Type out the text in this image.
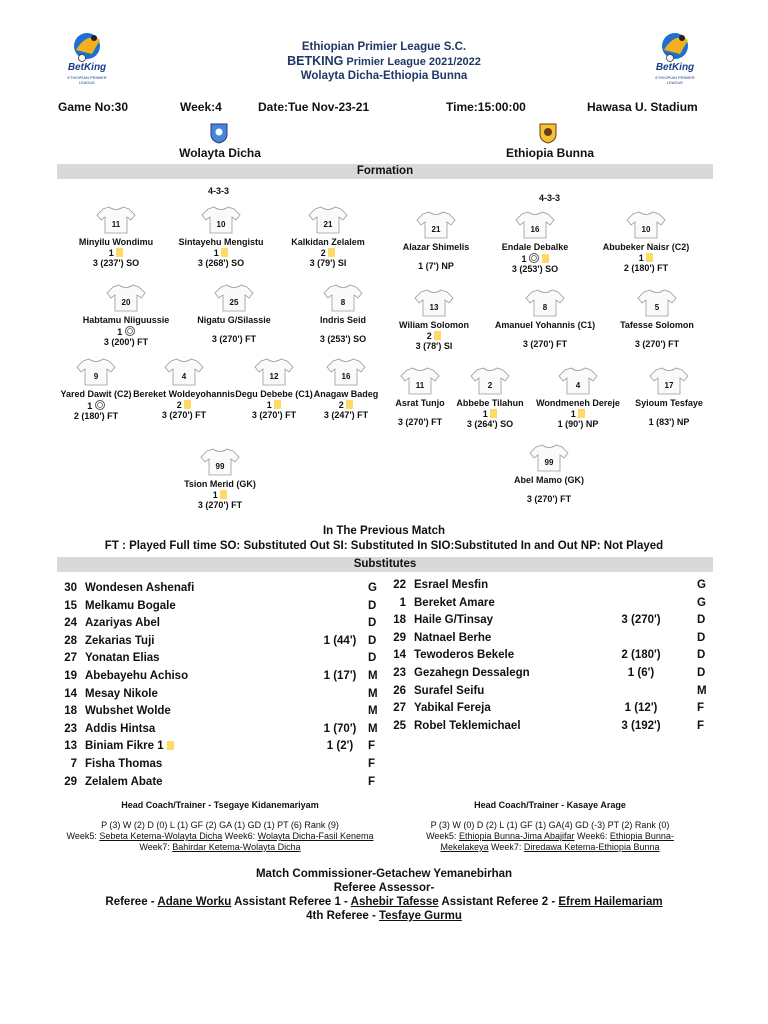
BetKing
ETHIOPIAN PRIMIER LEAGUE
BetKing
ETHIOPIAN PRIMIER LEAGUE
Ethiopian Primier League S.C.
BETKING Primier League 2021/2022
Wolayta Dicha-Ethiopia Bunna
Game No:30	Week:4	Date:Tue Nov-23-21	Time:15:00:00	Hawasa U. Stadium
Wolayta Dicha	Ethiopia Bunna
Formation
4-3-3
4-3-3
11
Minyilu Wondimu
1
3 (237') SO
10
Sintayehu Mengistu
1
3 (268') SO
21
Kalkidan Zelalem
2
3 (79') SI
20
Habtamu Niiguussie
1
3 (200') FT
25
Nigatu G/Silassie
3 (270') FT
8
Indris Seid
3 (253') SO
9
Yared Dawit (C2)
1
2 (180') FT
4
Bereket Woldeyohannis
2
3 (270') FT
12
Degu Debebe (C1)
1
3 (270') FT
16
Anagaw Badeg
2
3 (247') FT
99
Tsion Merid (GK)
1
3 (270') FT
21
Alazar Shimelis
1 (7') NP
16
Endale Debalke
1
3 (253') SO
10
Abubeker Naisr (C2)
1
2 (180') FT
13
Wiliam Solomon
2
3 (78') SI
8
Amanuel Yohannis (C1)
3 (270') FT
5
Tafesse Solomon
3 (270') FT
11
Asrat Tunjo
3 (270') FT
2
Abbebe Tilahun
1
3 (264') SO
4
Wondmeneh Dereje
1
1 (90') NP
17
Syioum Tesfaye
1 (83') NP
99
Abel Mamo (GK)
3 (270') FT
In The Previous Match
FT : Played Full time SO: Substituted Out SI: Substituted In SIO:Substituted In and Out NP: Not Played
Substitutes
30 Wondesen Ashenafi	G
15 Melkamu Bogale	D
24 Azariyas Abel	D
28 Zekarias Tuji	1 (44')	D
27 Yonatan Elias	D
19 Abebayehu Achiso	1 (17')	M
14 Mesay Nikole	M
18 Wubshet Wolde	M
23 Addis Hintsa	1 (70')	M
13 Biniam Fikre 1	1 (2')	F
7 Fisha Thomas	F
29 Zelalem Abate	F
22 Esrael Mesfin	G
1 Bereket Amare	G
18 Haile G/Tinsay	3 (270')	D
29 Natnael Berhe	D
14 Tewoderos Bekele	2 (180')	D
23 Gezahegn Dessalegn	1 (6')	D
26 Surafel Seifu	M
27 Yabikal Fereja	1 (12')	F
25 Robel Teklemichael	3 (192')	F
Head Coach/Trainer - Tsegaye Kidanemariyam
P (3) W (2) D (0) L (1) GF (2) GA (1) GD (1) PT (6) Rank (9)
Week5: Sebeta Ketema-Wolayta Dicha Week6: Wolayta Dicha-Fasil Kenema Week7: Bahirdar Ketema-Wolayta Dicha
Head Coach/Trainer - Kasaye Arage
P (3) W (0) D (2) L (1) GF (1) GA(4) GD (-3) PT (2) Rank (0)
Week5: Ethiopia Bunna-Jima Abajifar Week6: Ethiopia Bunna-Mekelakeya Week7: Diredawa Ketema-Ethiopia Bunna
Match Commissioner-Getachew Yemanebirhan
Referee Assessor-
Referee - Adane Worku Assistant Referee 1 - Ashebir Tafesse Assistant Referee 2 - Efrem Hailemariam
4th Referee - Tesfaye Gurmu
